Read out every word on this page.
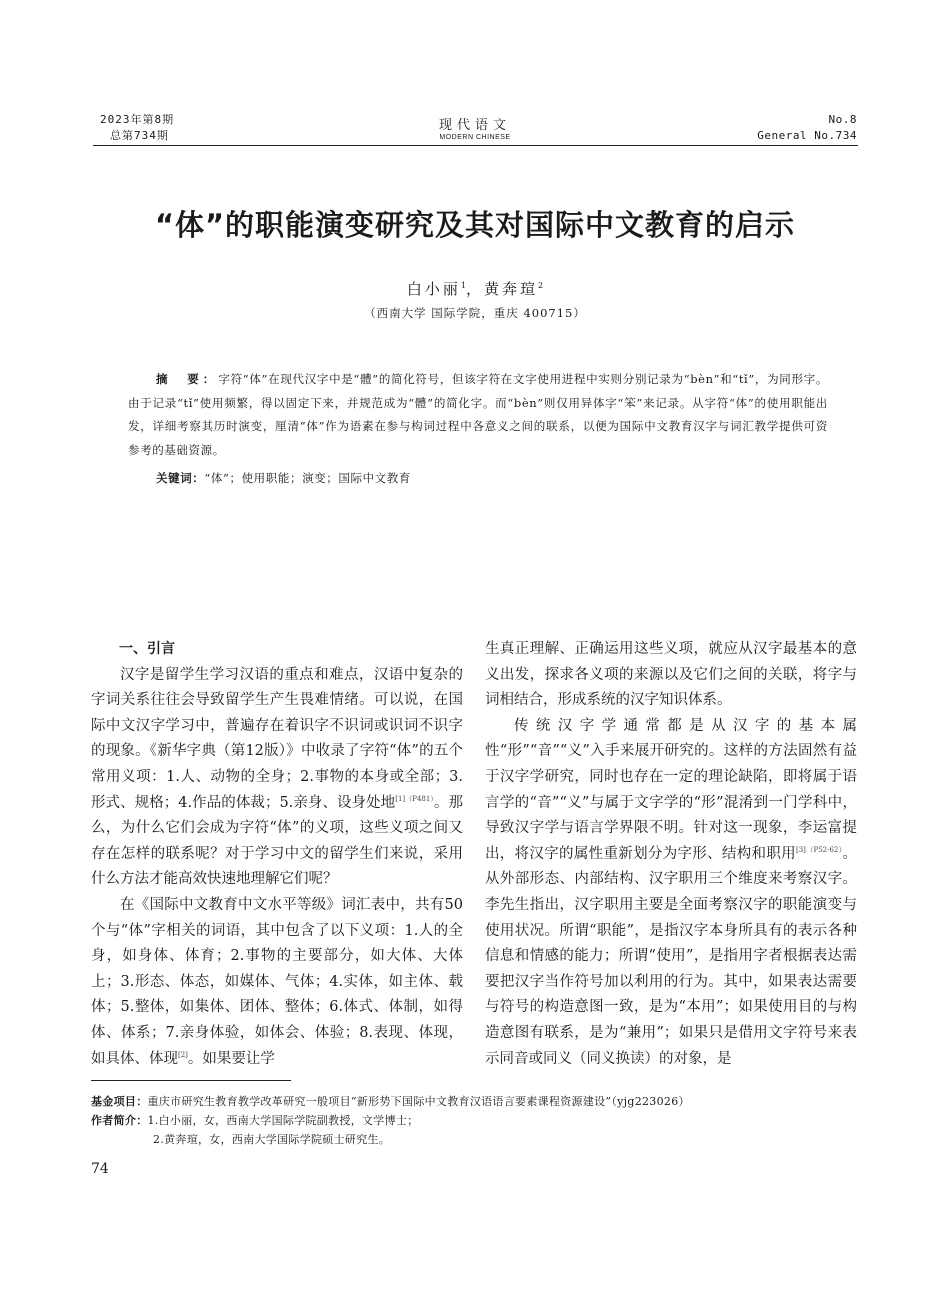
2023年第8期
总第734期
现代语文
MODERN CHINESE
No.8
General No.734
“体”的职能演变研究及其对国际中文教育的启示
白小丽$^1$，黄奔瑄$^2$
（西南大学 国际学院，重庆 400715）
摘　要：字符“体”在现代汉字中是“體”的简化符号，但该字符在文字使用进程中实则分别记录为“bèn”和“tǐ”，为同形字。由于记录“tǐ”使用频繁，得以固定下来，并规范成为“體”的简化字。而“bèn”则仅用异体字“笨”来记录。从字符“体”的使用职能出发，详细考察其历时演变，厘清“体”作为语素在参与构词过程中各意义之间的联系，以便为国际中文教育汉字与词汇教学提供可资参考的基础资源。
关键词：“体”；使用职能；演变；国际中文教育

一、引言

汉字是留学生学习汉语的重点和难点，汉语中复杂的字词关系往往会导致留学生产生畏难情绪。可以说，在国际中文汉字学习中，普遍存在着识字不识词或识词不识字的现象。《新华字典（第12版）》中收录了字符“体”的五个常用义项：1.人、动物的全身；2.事物的本身或全部；3.形式、规格；4.作品的体裁；5.亲身、设身处地$^{[1](P481)}$。那么，为什么它们会成为字符“体”的义项，这些义项之间又存在怎样的联系呢？对于学习中文的留学生们来说，采用什么方法才能高效快速地理解它们呢？

在《国际中文教育中文水平等级》词汇表中，共有50个与“体”字相关的词语，其中包含了以下义项：1.人的全身，如身体、体育；2.事物的主要部分，如大体、大体上；3.形态、体态，如媒体、气体；4.实体，如主体、载体；5.整体，如集体、团体、整体；6.体式、体制，如得体、体系；7.亲身体验，如体会、体验；8.表现、体现，如具体、体现[2]。如果要让学

生真正理解、正确运用这些义项，就应从汉字最基本的意义出发，探求各义项的来源以及它们之间的关联，将字与词相结合，形成系统的汉字知识体系。

传统汉字学通常都是从汉字的基本属性“形”“音”“义”入手来展开研究的。这样的方法固然有益于汉字学研究，同时也存在一定的理论缺陷，即将属于语言学的“音”“义”与属于文字学的“形”混淆到一门学科中，导致汉字学与语言学界限不明。针对这一现象，李运富提出，将汉字的属性重新划分为字形、结构和职用$^{[3](P52-62)}$。从外部形态、内部结构、汉字职用三个维度来考察汉字。李先生指出，汉字职用主要是全面考察汉字的职能演变与使用状况。所谓“职能”，是指汉字本身所具有的表示各种信息和情感的能力；所谓“使用”，是指用字者根据表达需要把汉字当作符号加以利用的行为。其中，如果表达需要与符号的构造意图一致，是为“本用”；如果使用目的与构造意图有联系，是为“兼用”；如果只是借用文字符号来表示同音或同义（同义换读）的对象，是

基金项目：重庆市研究生教育教学改革研究一般项目“新形势下国际中文教育汉语语言要素课程资源建设”（yjg223026）
作者简介：1.白小丽，女，西南大学国际学院副教授，文学博士；
2.黄奔瑄，女，西南大学国际学院硕士研究生。
74
